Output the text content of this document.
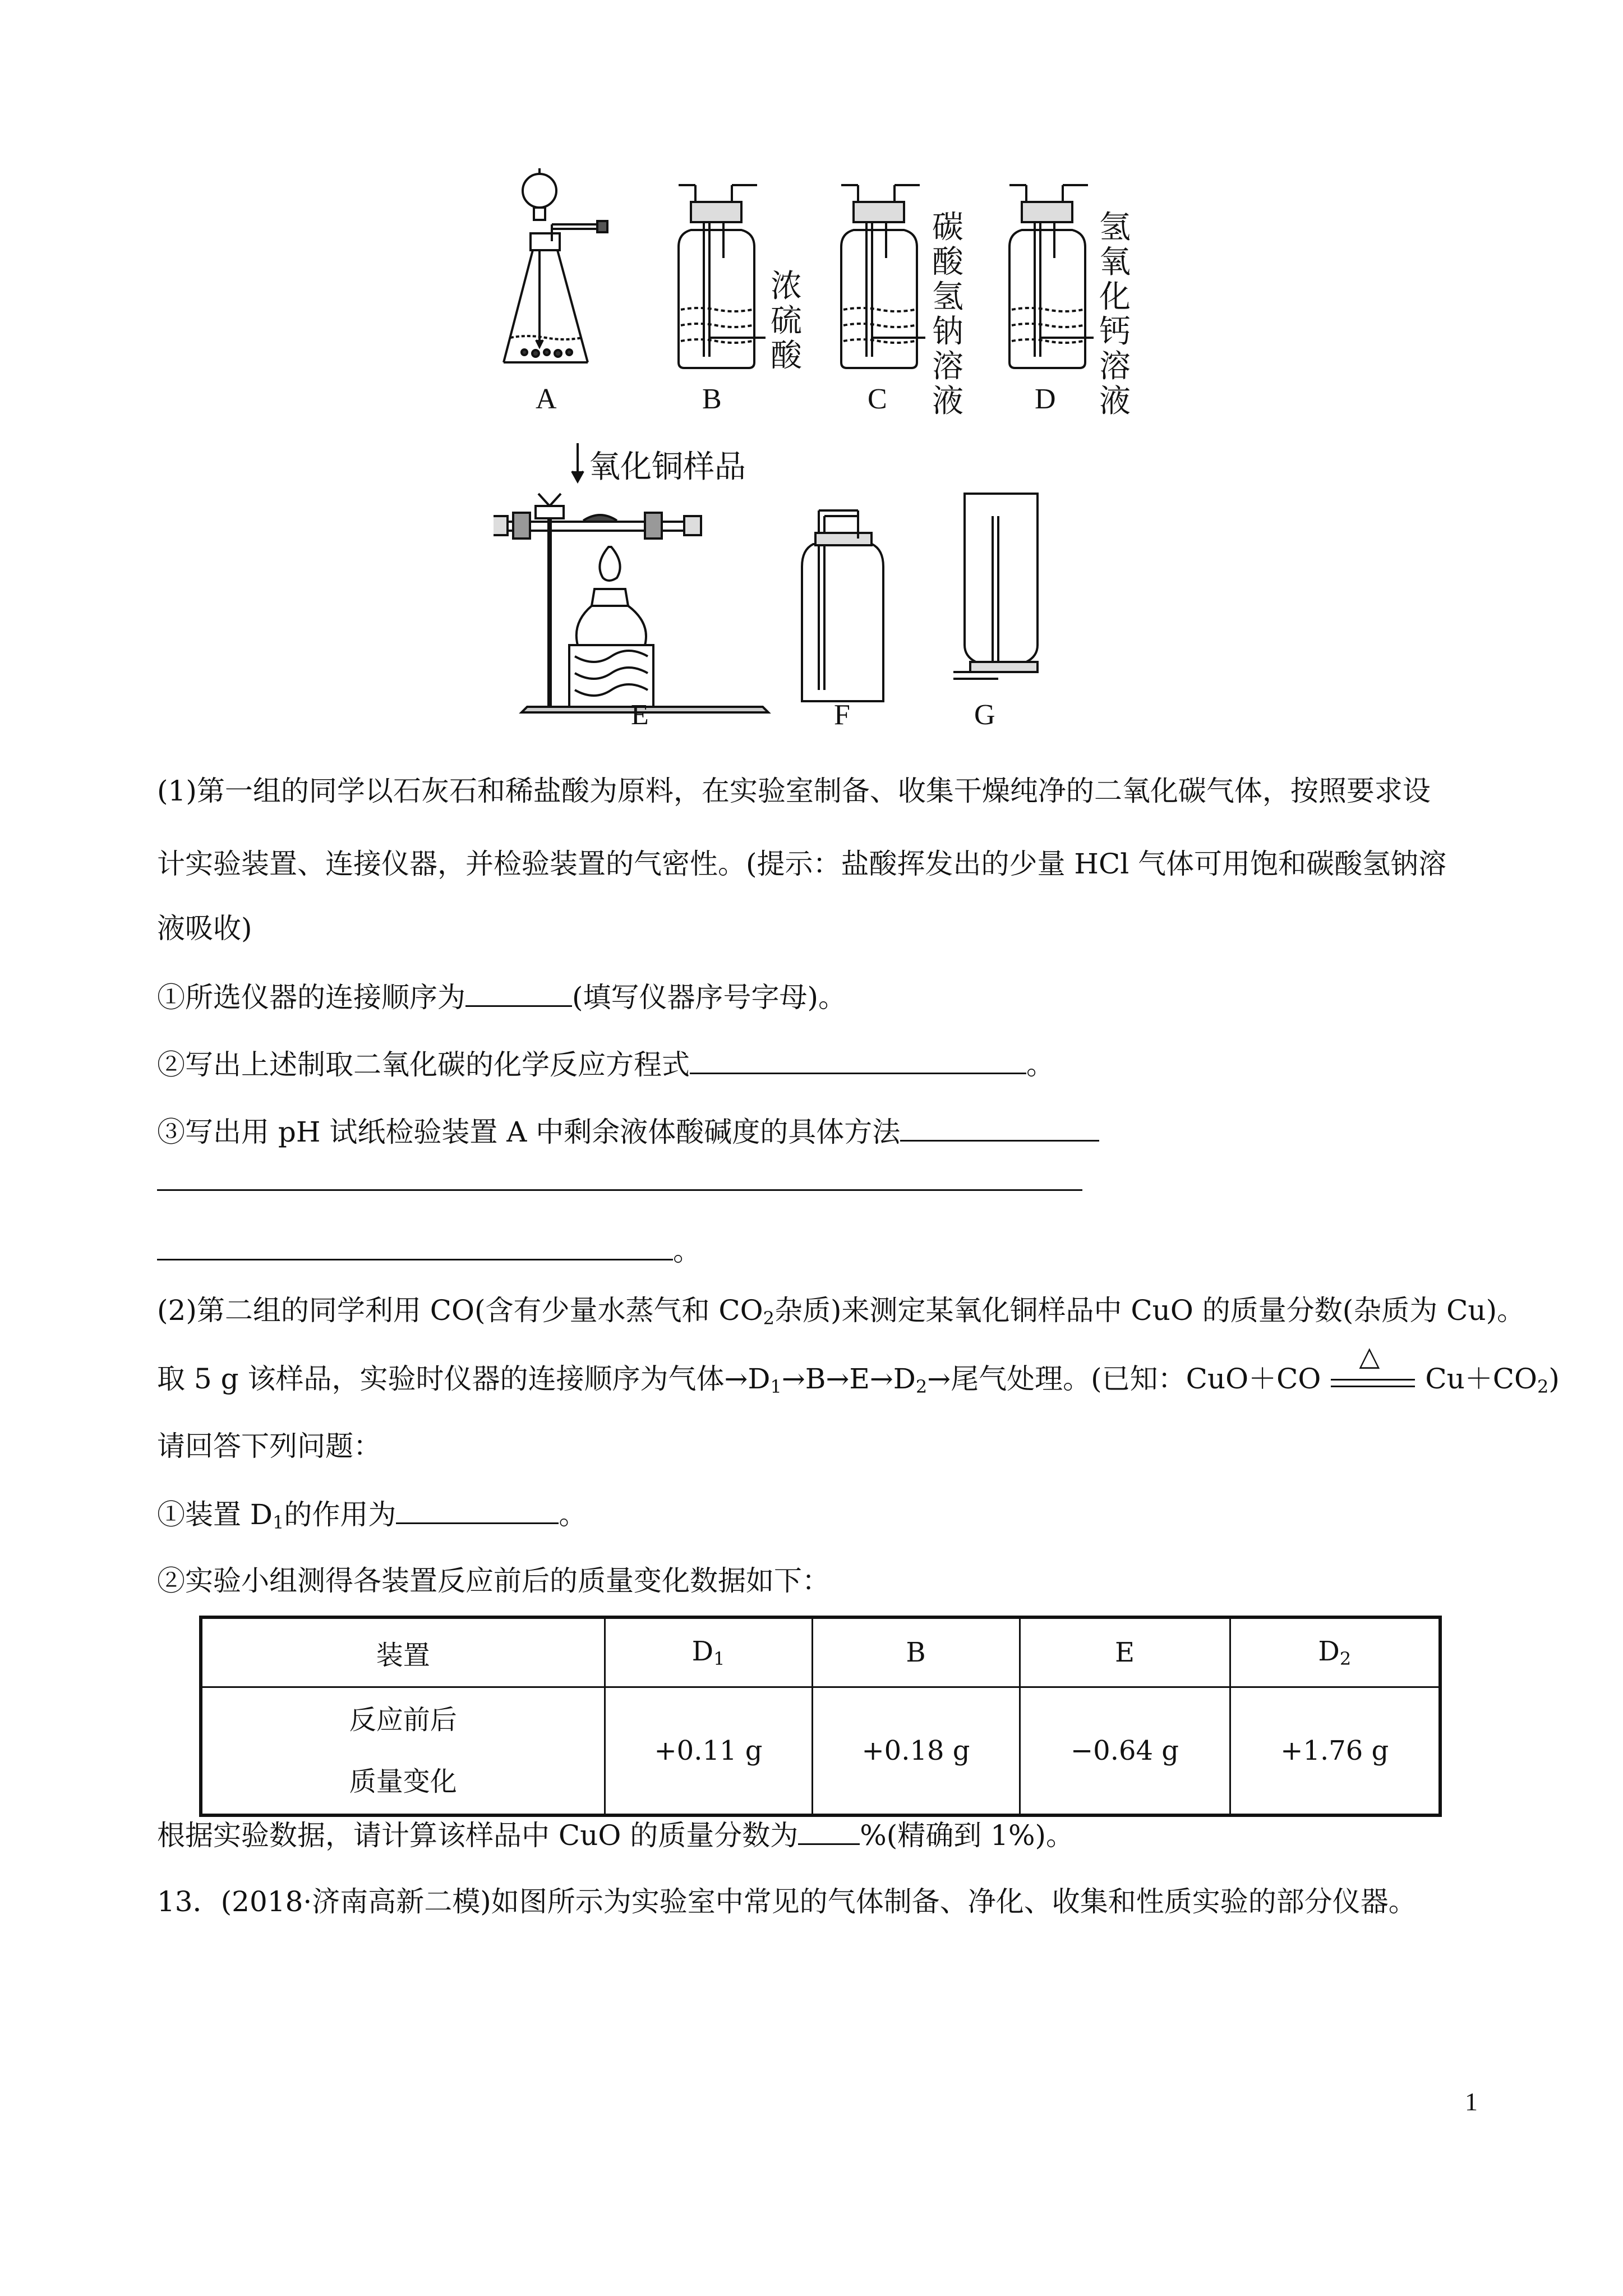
A	B	C	D
浓硫酸
碳酸氢钠溶液
氢氧化钙溶液
氧化铜样品
E	F	G
(1)第一组的同学以石灰石和稀盐酸为原料，在实验室制备、收集干燥纯净的二氧化碳气体，按照要求设
计实验装置、连接仪器，并检验装置的气密性。(提示：盐酸挥发出的少量 HCl 气体可用饱和碳酸氢钠溶
液吸收)
①所选仪器的连接顺序为	(填写仪器序号字母)。
②写出上述制取二氧化碳的化学反应方程式	。
③写出用 pH 试纸检验装置 A 中剩余液体酸碱度的具体方法
。
(2)第二组的同学利用 CO(含有少量水蒸气和 $CO_2$杂质)来测定某氧化铜样品中 CuO 的质量分数(杂质为 Cu)。
取 5 g 该样品，实验时仪器的连接顺序为气体$\to D_1\to B\to E\to D_2\to$尾气处理。(已知：CuO＋CO
△
$Cu+CO_2$)
请回答下列问题：
①装置 $D_1$的作用为	。
②实验小组测得各装置反应前后的质量变化数据如下：
装置	$D_1$	B	E	$D_2$

反应前后
质量变化	+0.11 g	+0.18 g	−0.64 g	+1.76 g
根据实验数据，请计算该样品中 CuO 的质量分数为 %(精确到 1%)。
13．(2018·济南高新二模)如图所示为实验室中常见的气体制备、净化、收集和性质实验的部分仪器。
1
